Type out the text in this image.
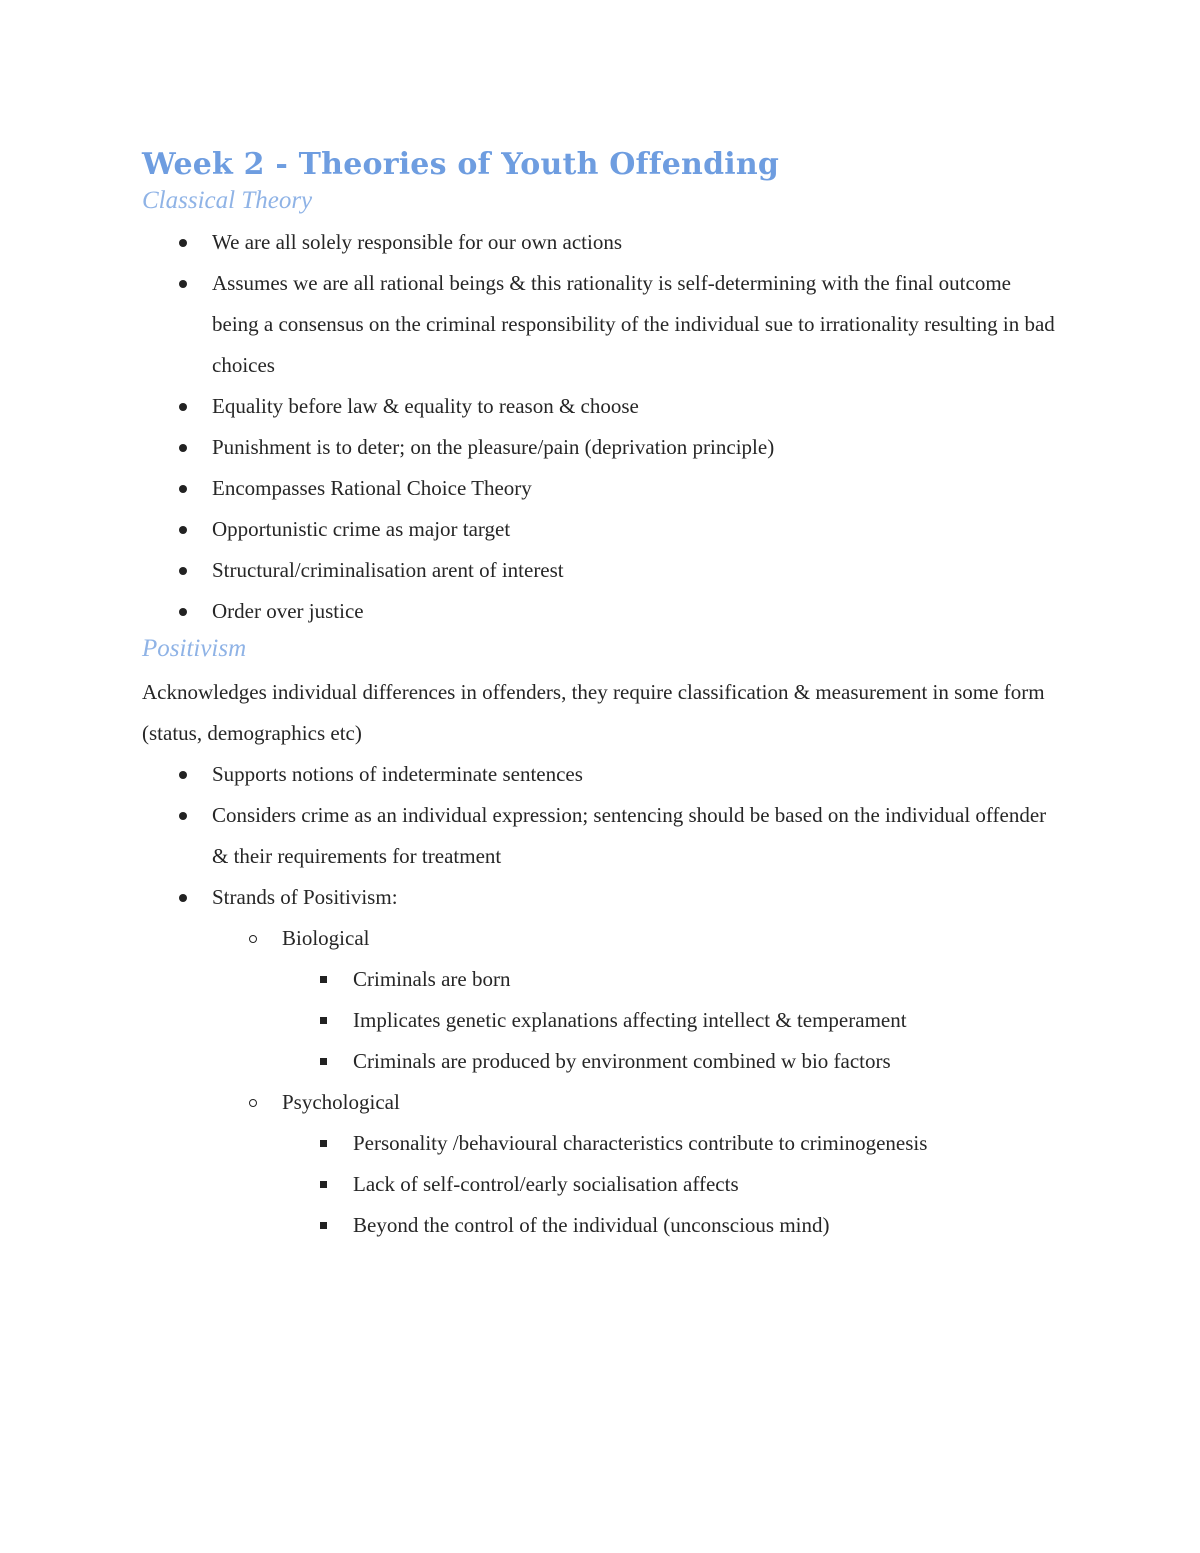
Week 2 - Theories of Youth Offending
Classical Theory
We are all solely responsible for our own actions
Assumes we are all rational beings & this rationality is self-determining with the final outcome being a consensus on the criminal responsibility of the individual sue to irrationality resulting in bad choices
Equality before law & equality to reason & choose
Punishment is to deter; on the pleasure/pain (deprivation principle)
Encompasses Rational Choice Theory
Opportunistic crime as major target
Structural/criminalisation arent of interest
Order over justice
Positivism

Acknowledges individual differences in offenders, they require classification & measurement in some form (status, demographics etc)

Supports notions of indeterminate sentences
Considers crime as an individual expression; sentencing should be based on the individual offender & their requirements for treatment
Strands of Positivism:
Biological
Criminals are born
Implicates genetic explanations affecting intellect & temperament
Criminals are produced by environment combined w bio factors
Psychological
Personality /behavioural characteristics contribute to criminogenesis
Lack of self-control/early socialisation affects
Beyond the control of the individual (unconscious mind)
